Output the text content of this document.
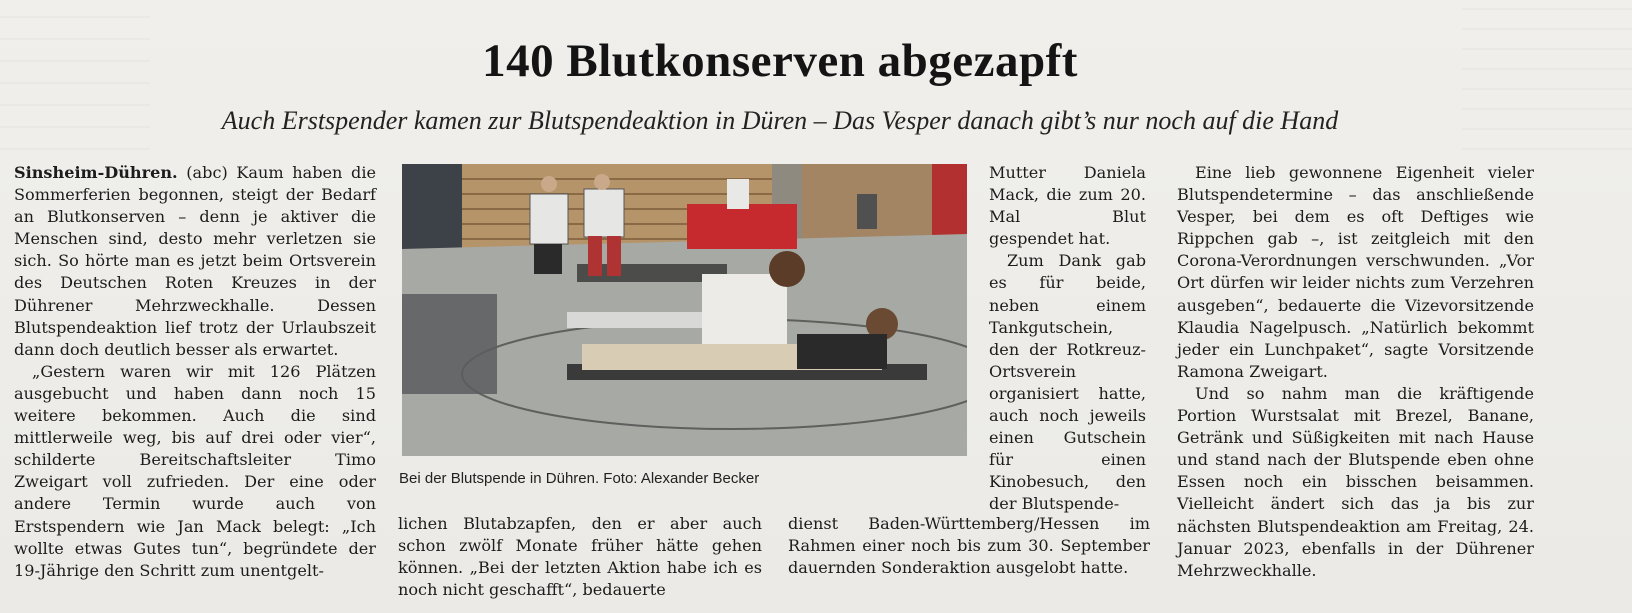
140 Blutkonserven abgezapft
Auch Erstspender kamen zur Blutspendeaktion in Düren – Das Vesper danach gibt’s nur noch auf die Hand

Sinsheim-Dühren. (abc) Kaum haben die Sommerferien begonnen, steigt der Bedarf an Blutkonserven – denn je aktiver die Menschen sind, desto mehr verletzen sie sich. So hörte man es jetzt beim Ortsverein des Deutschen Roten Kreuzes in der Dührener Mehrzweckhalle. Dessen Blutspendeaktion lief trotz der Urlaubszeit dann doch deutlich besser als erwartet.

„Gestern waren wir mit 126 Plätzen ausgebucht und haben dann noch 15 weitere bekommen. Auch die sind mittlerweile weg, bis auf drei oder vier“, schilderte Bereitschaftsleiter Timo Zweigart voll zufrieden. Der eine oder andere Termin wurde auch von Erstspendern wie Jan Mack belegt: „Ich wollte etwas Gutes tun“, begründete der 19-Jährige den Schritt zum unentgelt-

Bei der Blutspende in Dühren. Foto: Alexander Becker

Mutter Daniela Mack, die zum 20. Mal Blut gespendet hat.

Zum Dank gab es für beide, neben einem Tankgutschein, den der Rotkreuz-Ortsverein organisiert hatte, auch noch jeweils einen Gutschein für einen Kinobesuch, den der Blutspende-

lichen Blutabzapfen, den er aber auch schon zwölf Monate früher hätte gehen können. „Bei der letzten Aktion habe ich es noch nicht geschafft“, bedauerte
dienst Baden-Württemberg/Hessen im Rahmen einer noch bis zum 30. September dauernden Sonderaktion ausgelobt hatte.

Eine lieb gewonnene Eigenheit vieler Blutspendetermine – das anschließende Vesper, bei dem es oft Deftiges wie Rippchen gab –, ist zeitgleich mit den Corona-Verordnungen verschwunden. „Vor Ort dürfen wir leider nichts zum Verzehren ausgeben“, bedauerte die Vizevorsitzende Klaudia Nagelpusch. „Natürlich bekommt jeder ein Lunchpaket“, sagte Vorsitzende Ramona Zweigart.

Und so nahm man die kräftigende Portion Wurstsalat mit Brezel, Banane, Getränk und Süßigkeiten mit nach Hause und stand nach der Blutspende eben ohne Essen noch ein bisschen beisammen. Vielleicht ändert sich das ja bis zur nächsten Blutspendeaktion am Freitag, 24. Januar 2023, ebenfalls in der Dührener Mehrzweckhalle.
